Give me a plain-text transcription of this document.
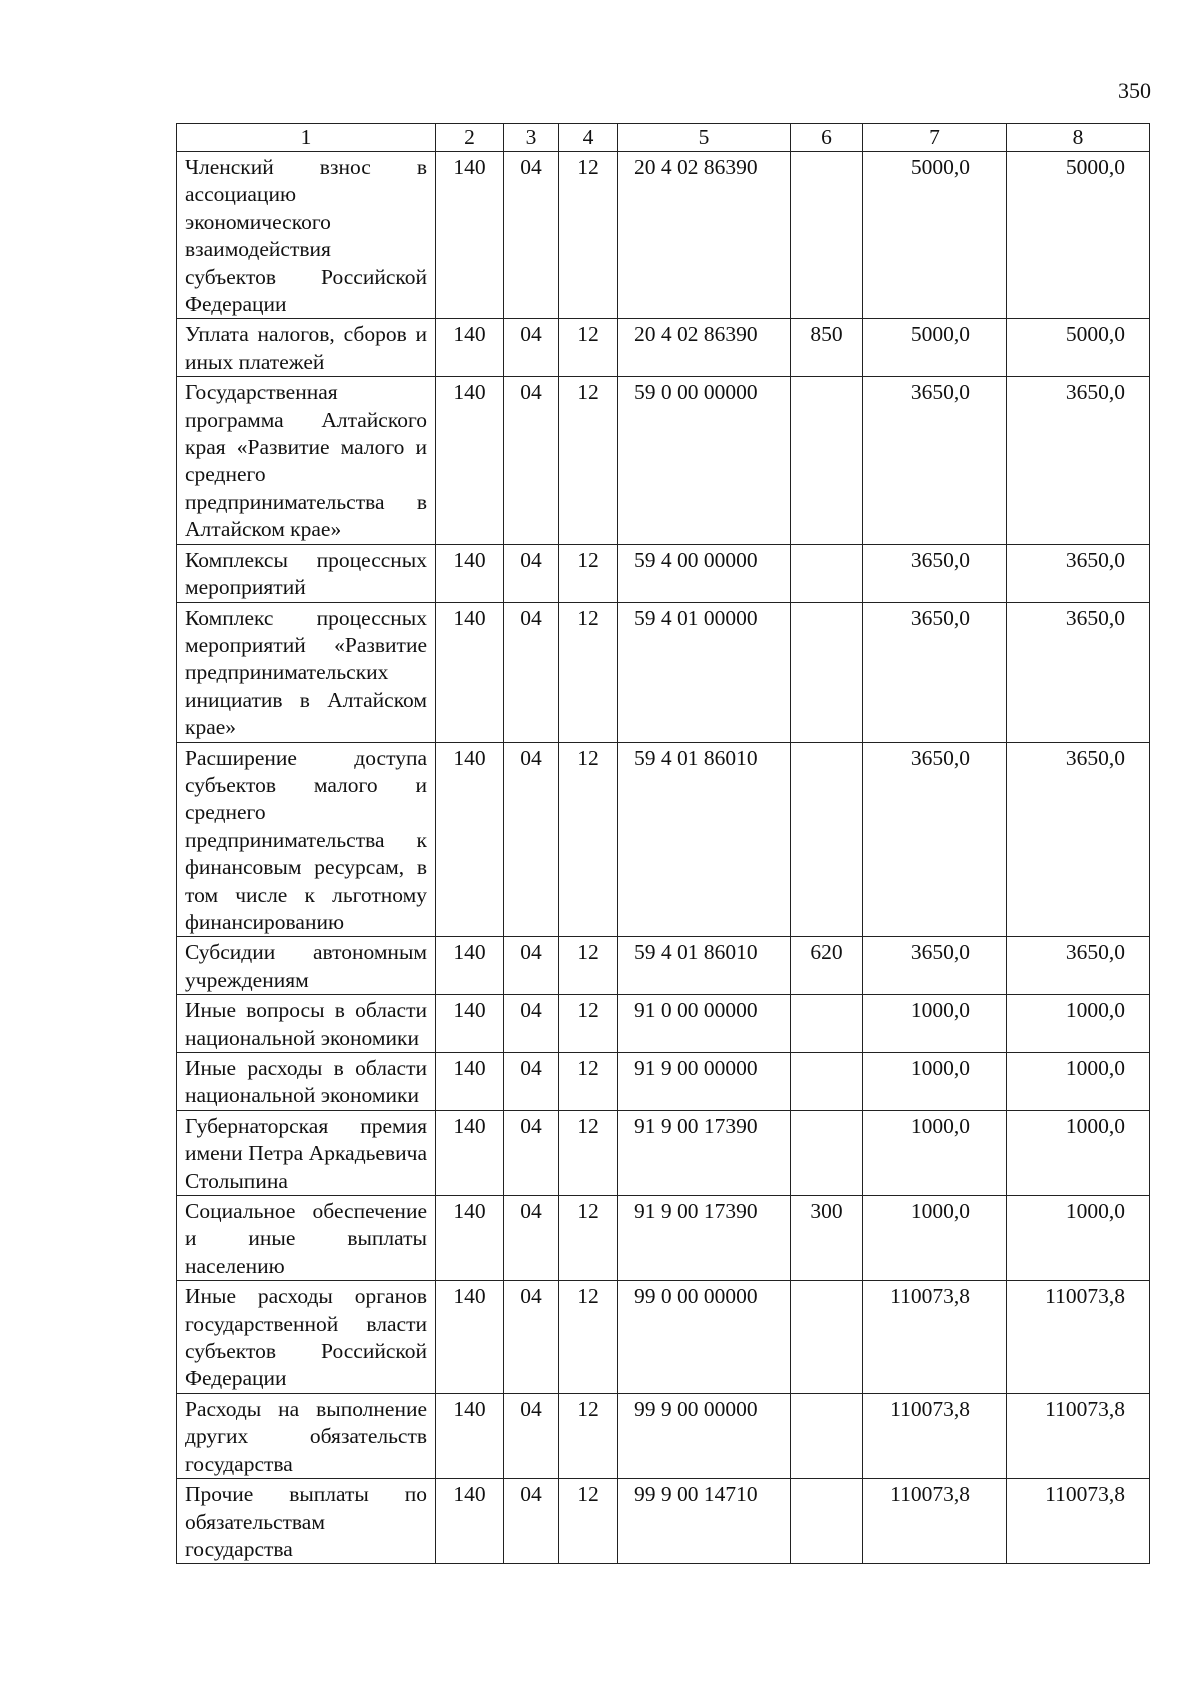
350
1	2	3	4	5	6	7	8
Членский взнос в ассоциацию экономического взаимодействия субъектов Российской Федерации	140	04	12	20 4 02 86390		5000,0	5000,0
Уплата налогов, сборов и иных платежей	140	04	12	20 4 02 86390	850	5000,0	5000,0
Государственная программа Алтайского края «Развитие малого и среднего предпринимательства в Алтайском крае»	140	04	12	59 0 00 00000		3650,0	3650,0
Комплексы процессных мероприятий	140	04	12	59 4 00 00000		3650,0	3650,0
Комплекс процессных мероприятий «Развитие предпринимательских инициатив в Алтайском крае»	140	04	12	59 4 01 00000		3650,0	3650,0
Расширение доступа субъектов малого и среднего предпринимательства к финансовым ресурсам, в том числе к льготному финансированию	140	04	12	59 4 01 86010		3650,0	3650,0
Субсидии автономным учреждениям	140	04	12	59 4 01 86010	620	3650,0	3650,0
Иные вопросы в области национальной экономики	140	04	12	91 0 00 00000		1000,0	1000,0
Иные расходы в области национальной экономики	140	04	12	91 9 00 00000		1000,0	1000,0
Губернаторская премия имени Петра Аркадьевича Столыпина	140	04	12	91 9 00 17390		1000,0	1000,0
Социальное обеспечение и иные выплаты населению	140	04	12	91 9 00 17390	300	1000,0	1000,0
Иные расходы органов государственной власти субъектов Российской Федерации	140	04	12	99 0 00 00000		110073,8	110073,8
Расходы на выполнение других обязательств государства	140	04	12	99 9 00 00000		110073,8	110073,8
Прочие выплаты по обязательствам государства	140	04	12	99 9 00 14710		110073,8	110073,8
